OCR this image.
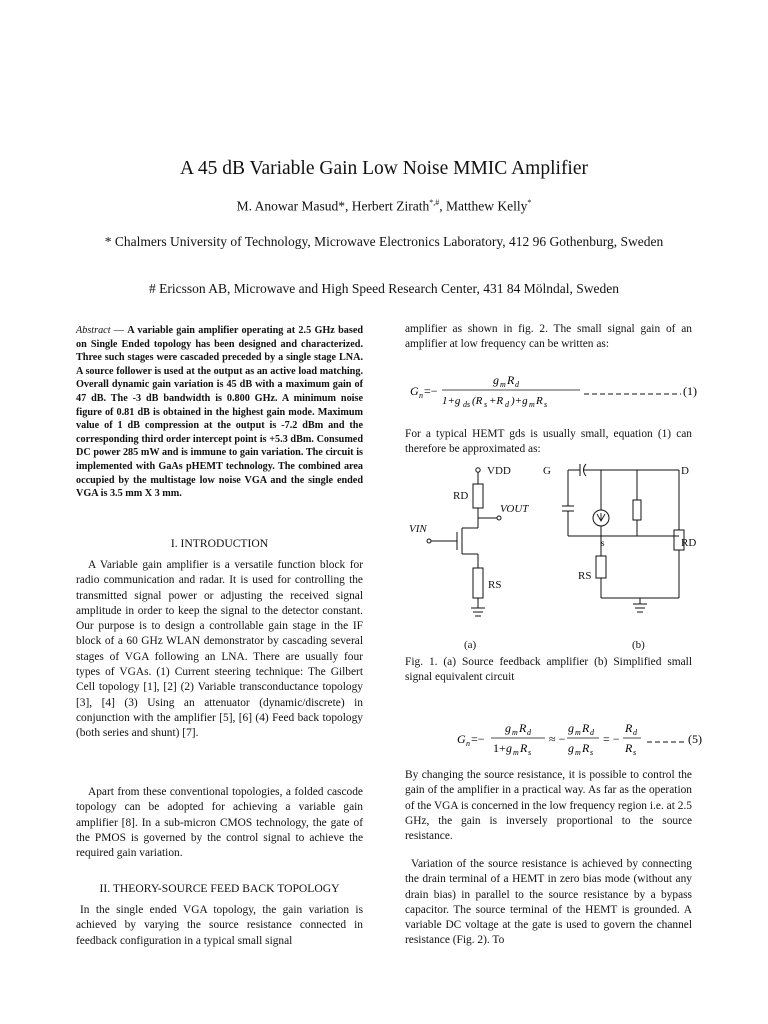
A 45 dB Variable Gain Low Noise MMIC Amplifier
M. Anowar Masud*, Herbert Zirath*,#, Matthew Kelly*
* Chalmers University of Technology, Microwave Electronics Laboratory, 412 96 Gothenburg, Sweden
# Ericsson AB, Microwave and High Speed Research Center, 431 84 Mölndal, Sweden
Abstract — A variable gain amplifier operating at 2.5 GHz based on Single Ended topology has been designed and characterized. Three such stages were cascaded preceded by a single stage LNA. A source follower is used at the output as an active load matching. Overall dynamic gain variation is 45 dB with a maximum gain of 47 dB. The -3 dB bandwidth is 0.800 GHz. A minimum noise figure of 0.81 dB is obtained in the highest gain mode. Maximum value of 1 dB compression at the output is -7.2 dBm and the corresponding third order intercept point is +5.3 dBm. Consumed DC power 285 mW and is immune to gain variation. The circuit is implemented with GaAs pHEMT technology. The combined area occupied by the multistage low noise VGA and the single ended VGA is 3.5 mm X 3 mm.
I. INTRODUCTION
A Variable gain amplifier is a versatile function block for radio communication and radar. It is used for controlling the transmitted signal power or adjusting the received signal amplitude in order to keep the signal to the detector constant. Our purpose is to design a controllable gain stage in the IF block of a 60 GHz WLAN demonstrator by cascading several stages of VGA following an LNA. There are usually four types of VGAs. (1) Current steering technique: The Gilbert Cell topology [1], [2] (2) Variable transconductance topology [3], [4] (3) Using an attenuator (dynamic/discrete) in conjunction with the amplifier [5], [6] (4) Feed back topology (both series and shunt) [7].
Apart from these conventional topologies, a folded cascode topology can be adopted for achieving a variable gain amplifier [8]. In a sub-micron CMOS technology, the gate of the PMOS is governed by the control signal to achieve the required gain variation.
II. THEORY-SOURCE FEED BACK TOPOLOGY
In the single ended VGA topology, the gain variation is achieved by varying the source resistance connected in feedback configuration in a typical small signal
amplifier as shown in fig. 2. The small signal gain of an amplifier at low frequency can be written as:
G n =−
g m R d
1+g ds (R s +R d )+g m R s
(1)
For a typical HEMT gds is usually small, equation (1) can therefore be approximated as:
VDD
RD
VOUT
VIN
RS
(a)
G	D
s	RD
RS
(b)
Fig. 1. (a) Source feedback amplifier (b) Simplified small signal equivalent circuit
G n =−
g m R d
1+ g m R s
≈ −
g m R d
g m R s
= −
R d
R s
(5)
By changing the source resistance, it is possible to control the gain of the amplifier in a practical way. As far as the operation of the VGA is concerned in the low frequency region i.e. at 2.5 GHz, the gain is inversely proportional to the source resistance.
Variation of the source resistance is achieved by connecting the drain terminal of a HEMT in zero bias mode (without any drain bias) in parallel to the source resistance by a bypass capacitor. The source terminal of the HEMT is grounded. A variable DC voltage at the gate is used to govern the channel resistance (Fig. 2). To
